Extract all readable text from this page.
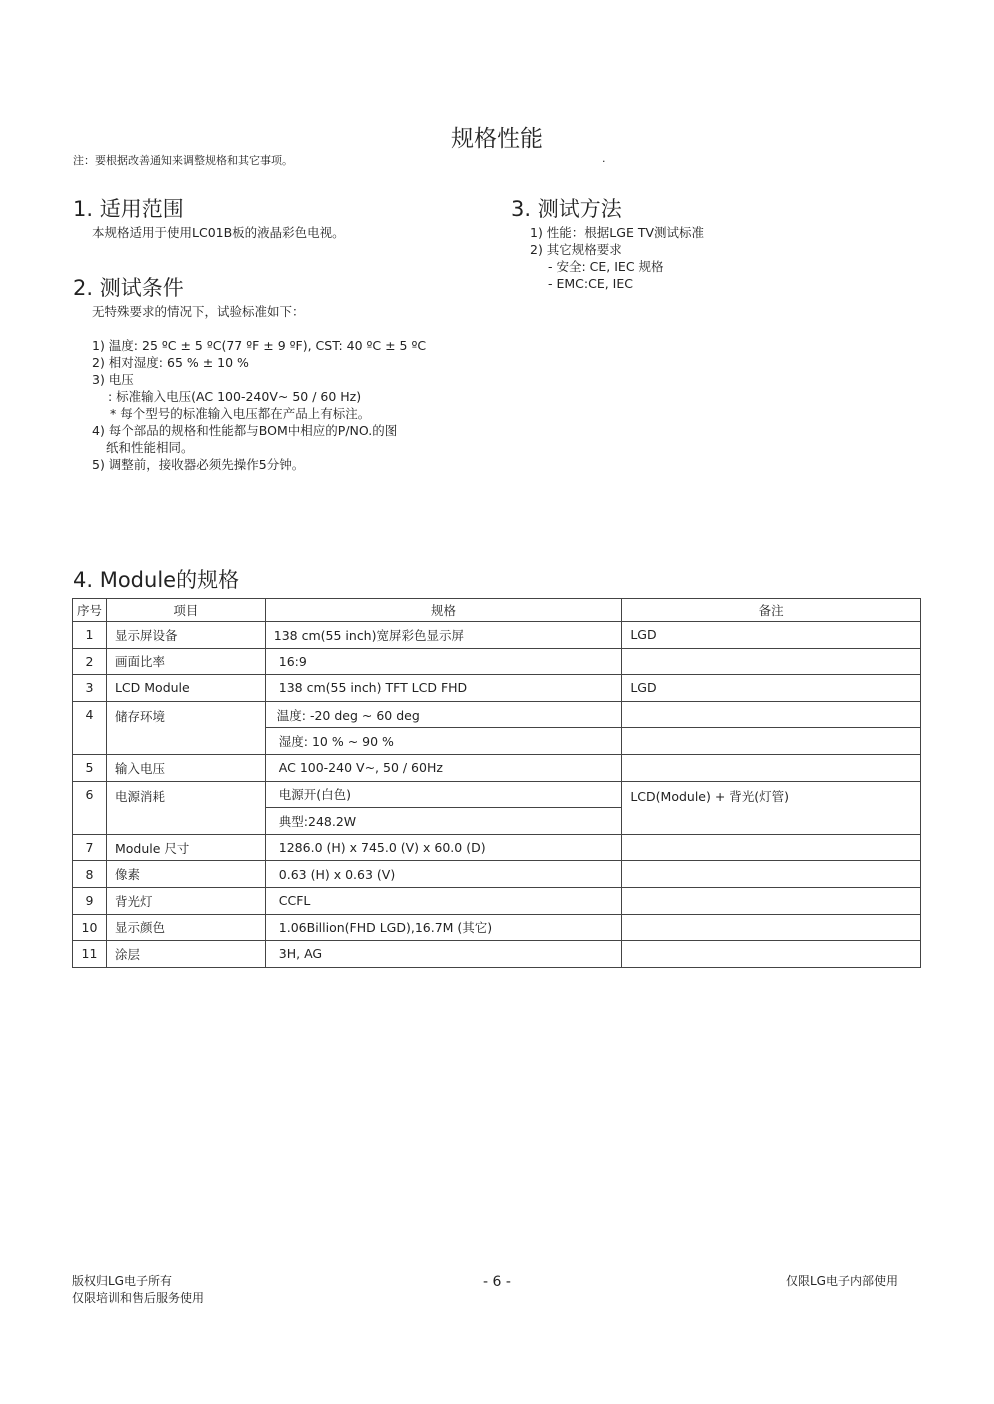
规格性能
注：要根据改善通知来调整规格和其它事项。	.
1. 适用范围
本规格适用于使用LC01B板的液晶彩色电视。
2. 测试条件
无特殊要求的情况下，试验标准如下：
1) 温度: 25 ºC ± 5 ºC(77 ºF ± 9 ºF), CST: 40 ºC ± 5 ºC
2) 相对湿度: 65 % ± 10 %
3) 电压
: 标准输入电压(AC 100-240V~ 50 / 60 Hz)
* 每个型号的标准输入电压都在产品上有标注。
4) 每个部品的规格和性能都与BOM中相应的P/NO.的图
纸和性能相同。
5) 调整前，接收器必须先操作5分钟。
3. 测试方法
1) 性能：根据LGE TV测试标准
2) 其它规格要求
- 安全: CE, IEC 规格
- EMC:CE, IEC
4. Module的规格
序号	项目	规格	备注
1	显示屏设备	138 cm(55 inch)宽屏彩色显示屏	LGD
2	画面比率	16:9	
3	LCD Module	138 cm(55 inch) TFT LCD FHD	LGD
4	储存环境	温度: -20 deg ~ 60 deg	
		湿度: 10 % ~ 90 %	
5	输入电压	AC 100-240 V~, 50 / 60Hz	
6	电源消耗	电源开(白色)	LCD(Module) + 背光(灯管)
		典型:248.2W	
7	Module 尺寸	1286.0 (H) x 745.0 (V) x 60.0 (D)	
8	像素	0.63 (H) x 0.63 (V)	
9	背光灯	CCFL	
10	显示颜色	1.06Billion(FHD LGD),16.7M (其它)	
11	涂层	3H, AG	
版权归LG电子所有
仅限培训和售后服务使用
- 6 -	仅限LG电子内部使用
